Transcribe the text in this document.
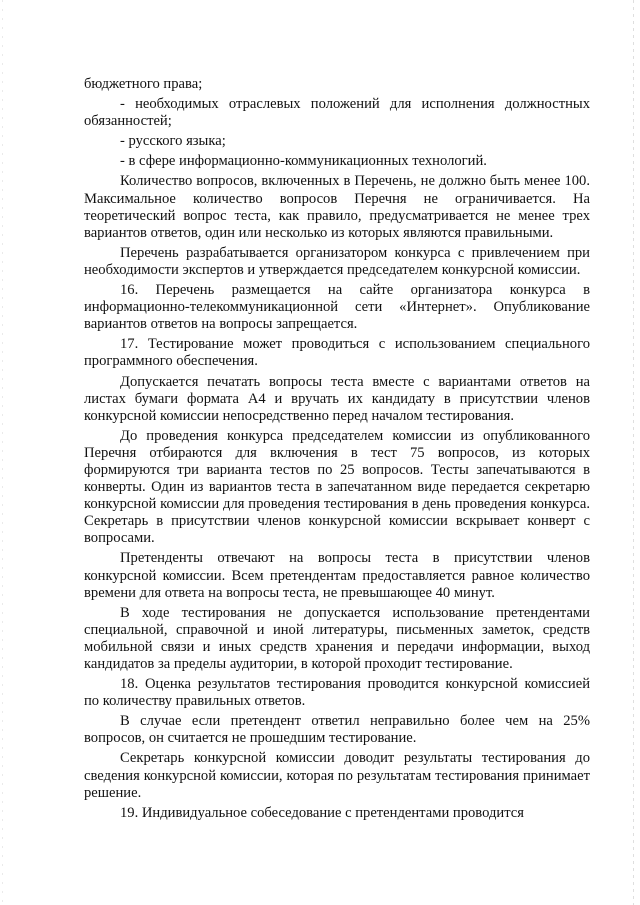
бюджетного права;

- необходимых отраслевых положений для исполнения должностных обязанностей;

- русского языка;

- в сфере информационно-коммуникационных технологий.

Количество вопросов, включенных в Перечень, не должно быть менее 100. Максимальное количество вопросов Перечня не ограничивается. На теоретический вопрос теста, как правило, предусматривается не менее трех вариантов ответов, один или несколько из которых являются правильными.

Перечень разрабатывается организатором конкурса с привлечением при необходимости экспертов и утверждается председателем конкурсной комиссии.

16. Перечень размещается на сайте организатора конкурса в информационно-телекоммуникационной сети «Интернет». Опубликование вариантов ответов на вопросы запрещается.

17. Тестирование может проводиться с использованием специального программного обеспечения.

Допускается печатать вопросы теста вместе с вариантами ответов на листах бумаги формата А4 и вручать их кандидату в присутствии членов конкурсной комиссии непосредственно перед началом тестирования.

До проведения конкурса председателем комиссии из опубликованного Перечня отбираются для включения в тест 75 вопросов, из которых формируются три варианта тестов по 25 вопросов. Тесты запечатываются в конверты. Один из вариантов теста в запечатанном виде передается секретарю конкурсной комиссии для проведения тестирования в день проведения конкурса. Секретарь в присутствии членов конкурсной комиссии вскрывает конверт с вопросами.

Претенденты отвечают на вопросы теста в присутствии членов конкурсной комиссии. Всем претендентам предоставляется равное количество времени для ответа на вопросы теста, не превышающее 40 минут.

В ходе тестирования не допускается использование претендентами специальной, справочной и иной литературы, письменных заметок, средств мобильной связи и иных средств хранения и передачи информации, выход кандидатов за пределы аудитории, в которой проходит тестирование.

18. Оценка результатов тестирования проводится конкурсной комиссией по количеству правильных ответов.

В случае если претендент ответил неправильно более чем на 25% вопросов, он считается не прошедшим тестирование.

Секретарь конкурсной комиссии доводит результаты тестирования до сведения конкурсной комиссии, которая по результатам тестирования принимает решение.

19. Индивидуальное собеседование с претендентами проводится
